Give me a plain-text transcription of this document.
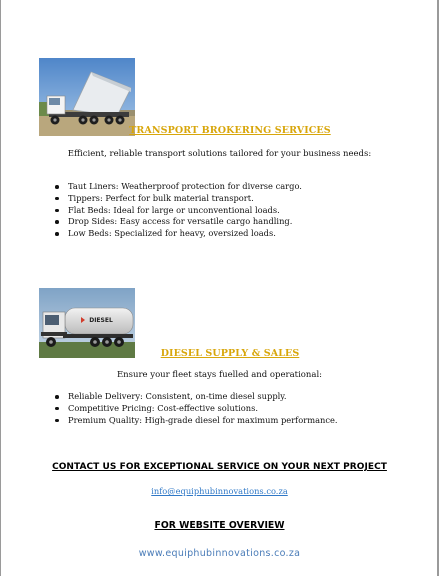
TRANSPORT BROKERING SERVICES
Efficient, reliable transport solutions tailored for your business needs:
Taut Liners: Weatherproof protection for diverse cargo.
Tippers: Perfect for bulk material transport.
Flat Beds: Ideal for large or unconventional loads.
Drop Sides: Easy access for versatile cargo handling.
Low Beds: Specialized for heavy, oversized loads.
DIESEL
DIESEL SUPPLY & SALES
Ensure your fleet stays fuelled and operational:
Reliable Delivery: Consistent, on-time diesel supply.
Competitive Pricing: Cost-effective solutions.
Premium Quality: High-grade diesel for maximum performance.
CONTACT US FOR EXCEPTIONAL SERVICE ON YOUR NEXT PROJECT
info@equiphubinnovations.co.za
FOR WEBSITE OVERVIEW
www.equiphubinnovations.co.za
